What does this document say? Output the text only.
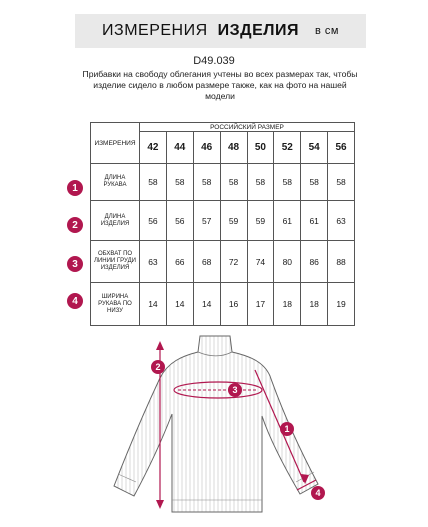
ИЗМЕРЕНИЯ ИЗДЕЛИЯ в см
D49.039
Прибавки на свободу облегания учтены во всех размерах так, чтобы изделие сидело в любом размере также, как на фото на нашей модели
ИЗМЕРЕНИЯ	РОССИЙСКИЙ РАЗМЕР							
	42	44	46	48	50	52	54	56
ДЛИНА РУКАВА	58	58	58	58	58	58	58	58
ДЛИНА ИЗДЕЛИЯ	56	56	57	59	59	61	61	63
ОБХВАТ ПО ЛИНИИ ГРУДИ ИЗДЕЛИЯ	63	66	68	72	74	80	86	88
ШИРИНА РУКАВА ПО НИЗУ	14	14	14	16	17	18	18	19
1
2
3
4
2
3
1
4
